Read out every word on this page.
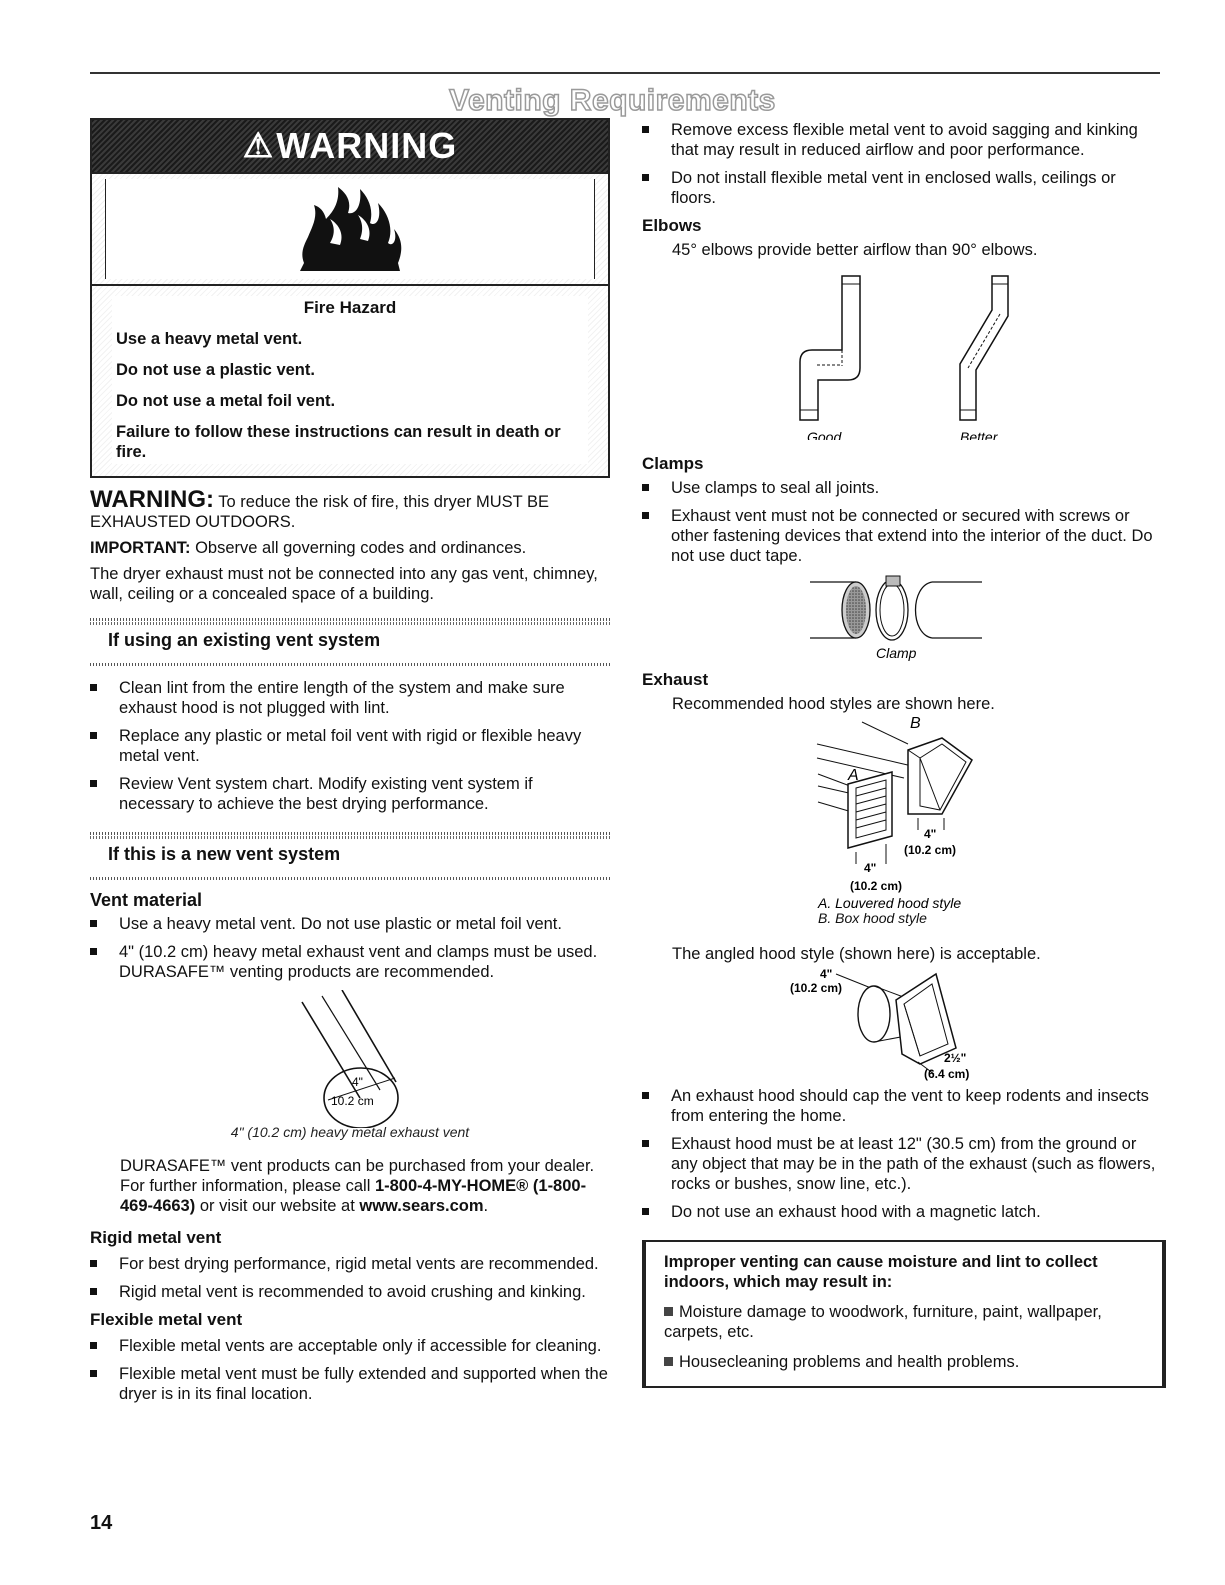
Venting Requirements
⚠ WARNING
Fire Hazard

Use a heavy metal vent.

Do not use a plastic vent.

Do not use a metal foil vent.

Failure to follow these instructions can result in death or fire.

WARNING: To reduce the risk of fire, this dryer MUST BE EXHAUSTED OUTDOORS.

IMPORTANT: Observe all governing codes and ordinances.

The dryer exhaust must not be connected into any gas vent, chimney, wall, ceiling or a concealed space of a building.

If using an existing vent system
Clean lint from the entire length of the system and make sure exhaust hood is not plugged with lint.
Replace any plastic or metal foil vent with rigid or flexible heavy metal vent.
Review Vent system chart. Modify existing vent system if necessary to achieve the best drying performance.
If this is a new vent system
Vent material
Use a heavy metal vent. Do not use plastic or metal foil vent.
4" (10.2 cm) heavy metal exhaust vent and clamps must be used. DURASAFE™ venting products are recommended.
4"
10.2 cm
4" (10.2 cm) heavy metal exhaust vent
DURASAFE™ vent products can be purchased from your dealer. For further information, please call 1-800-4-MY-HOME® (1-800-469-4663) or visit our website at www.sears.com.
Rigid metal vent
For best drying performance, rigid metal vents are recommended.
Rigid metal vent is recommended to avoid crushing and kinking.
Flexible metal vent
Flexible metal vents are acceptable only if accessible for cleaning.
Flexible metal vent must be fully extended and supported when the dryer is in its final location.
Remove excess flexible metal vent to avoid sagging and kinking that may result in reduced airflow and poor performance.
Do not install flexible metal vent in enclosed walls, ceilings or floors.
Elbows
45° elbows provide better airflow than 90° elbows.
Good	Better
Clamps
Use clamps to seal all joints.
Exhaust vent must not be connected or secured with screws or other fastening devices that extend into the interior of the duct. Do not use duct tape.
Clamp
Exhaust
Recommended hood styles are shown here.
B
A
4"
(10.2 cm)
4"
(10.2 cm)
A. Louvered hood style
B. Box hood style
The angled hood style (shown here) is acceptable.
4"
(10.2 cm)
2½"
(6.4 cm)
An exhaust hood should cap the vent to keep rodents and insects from entering the home.
Exhaust hood must be at least 12" (30.5 cm) from the ground or any object that may be in the path of the exhaust (such as flowers, rocks or bushes, snow line, etc.).
Do not use an exhaust hood with a magnetic latch.
Improper venting can cause moisture and lint to collect indoors, which may result in:
Moisture damage to woodwork, furniture, paint, wallpaper, carpets, etc.
Housecleaning problems and health problems.
14
